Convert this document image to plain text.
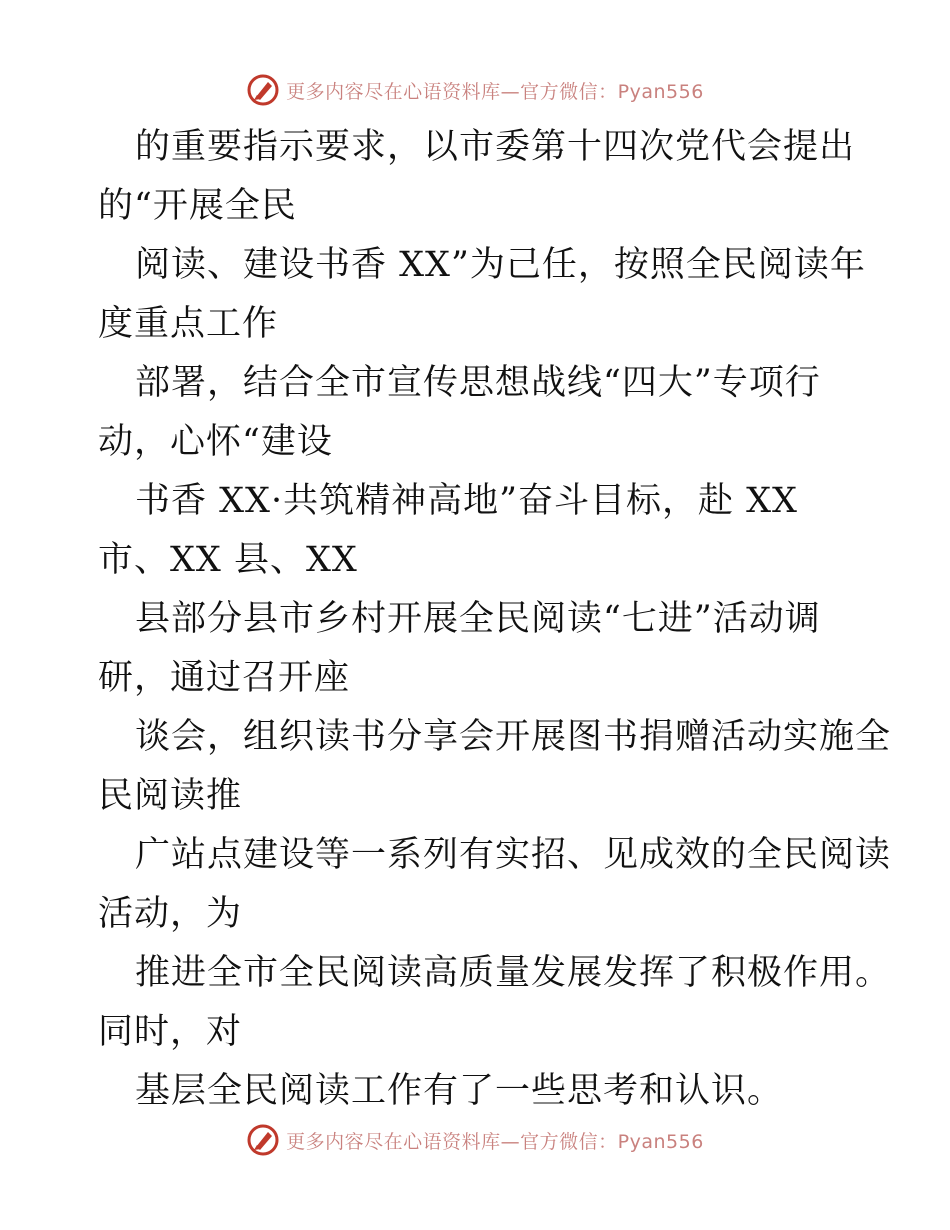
更多内容尽在心语资料库—官方微信：Pyan556
的重要指示要求，以市委第十四次党代会提出
的“开展全民
阅读、建设书香 XX”为己任，按照全民阅读年
度重点工作
部署，结合全市宣传思想战线“四大”专项行
动，心怀“建设
书香 XX·共筑精神高地”奋斗目标，赴 XX
市、XX 县、XX
县部分县市乡村开展全民阅读“七进”活动调
研，通过召开座
谈会，组织读书分享会开展图书捐赠活动实施全
民阅读推
广站点建设等一系列有实招、见成效的全民阅读
活动，为
推进全市全民阅读高质量发展发挥了积极作用。
同时，对
基层全民阅读工作有了一些思考和认识。
更多内容尽在心语资料库—官方微信：Pyan556
